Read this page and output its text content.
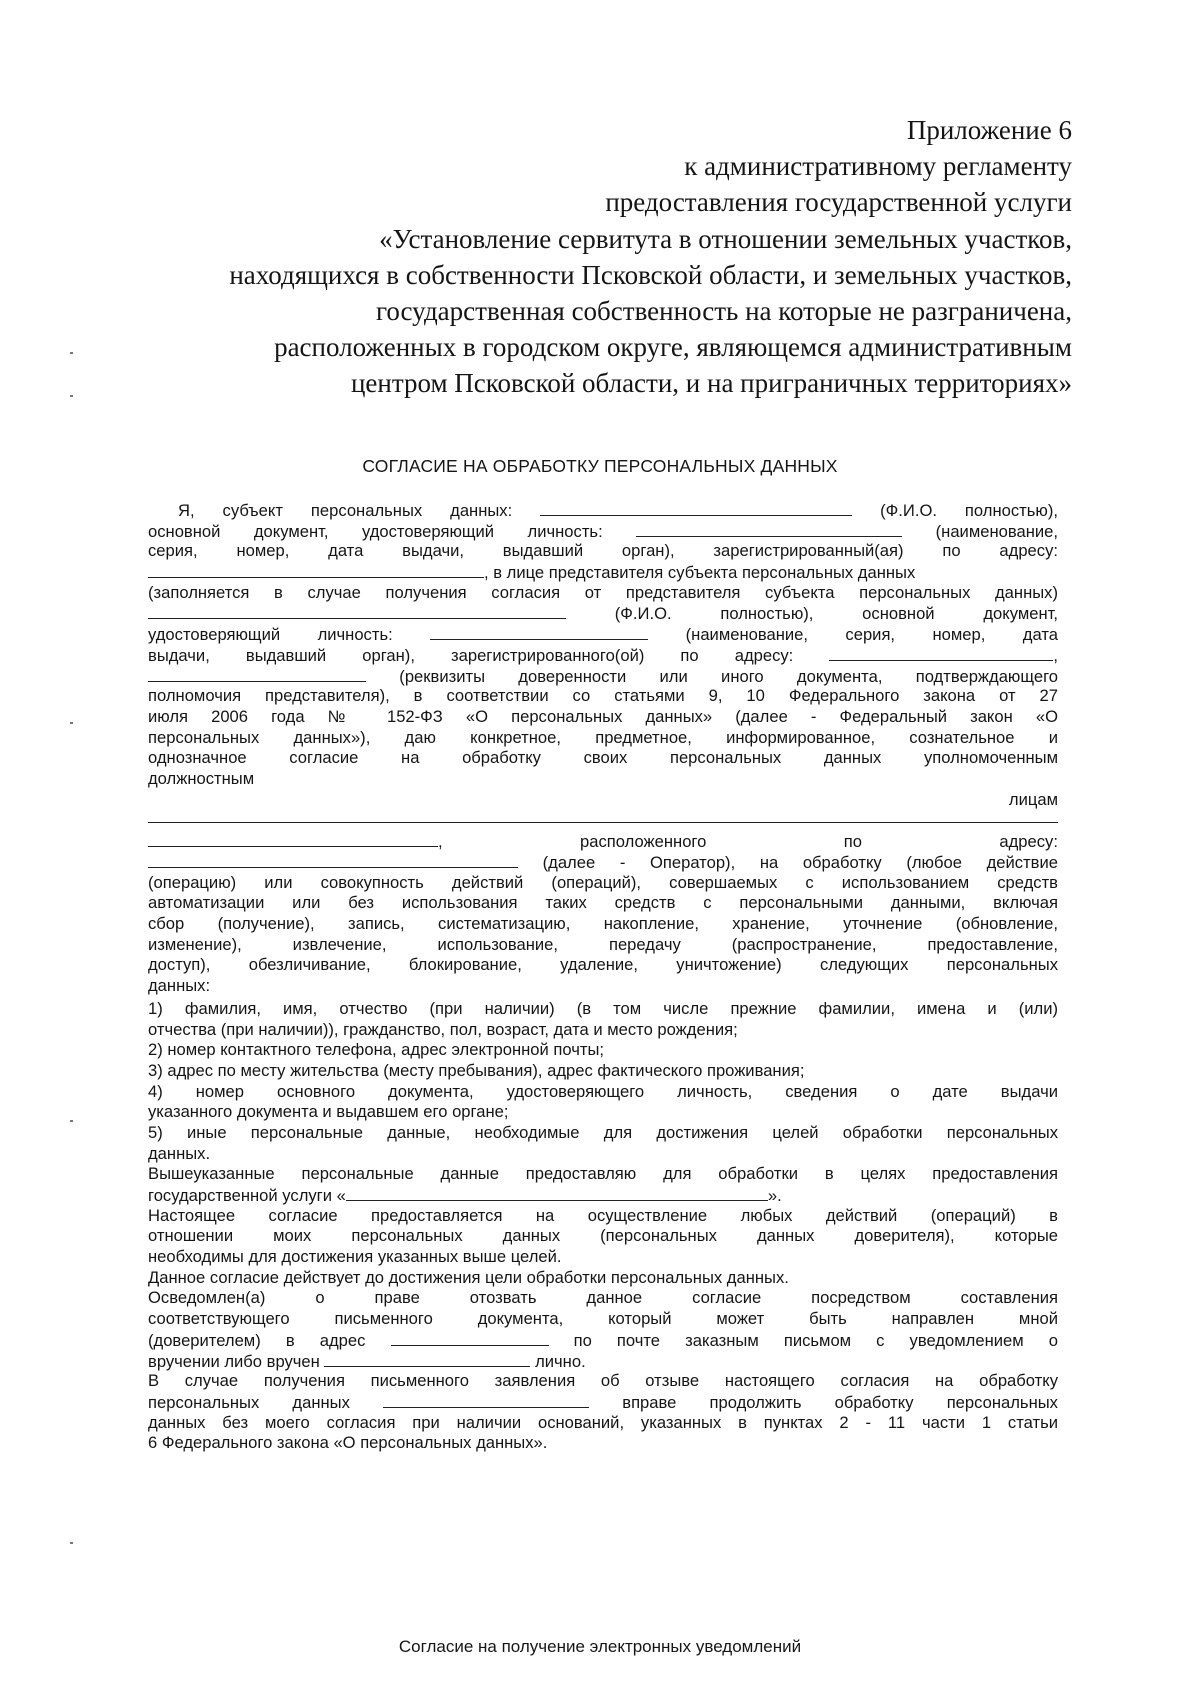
Приложение 6
к административному регламенту
предоставления государственной услуги
«Установление сервитута в отношении земельных участков,
находящихся в собственности Псковской области, и земельных участков,
государственная собственность на которые не разграничена,
расположенных в городском округе, являющемся административным
центром Псковской области, и на приграничных территориях»
СОГЛАСИЕ НА ОБРАБОТКУ ПЕРСОНАЛЬНЫХ ДАННЫХ
Я, субъект персональных данных:	(Ф.И.О. полностью),
основной документ, удостоверяющий личность:	(наименование,
серия, номер, дата выдачи, выдавший орган), зарегистрированный(ая) по адресу:
, в лице представителя субъекта персональных данных
(заполняется в случае получения согласия от представителя субъекта персональных данных)
(Ф.И.О. полностью), основной документ,
удостоверяющий личность:	(наименование, серия, номер, дата
выдачи, выдавший орган), зарегистрированного(ой) по адресу:	,
(реквизиты доверенности или иного документа, подтверждающего
полномочия представителя), в соответствии со статьями 9, 10 Федерального закона от 27
июля 2006 года № 152-ФЗ «О персональных данных» (далее - Федеральный закон «О
персональных данных»), даю конкретное, предметное, информированное, сознательное и
однозначное согласие на обработку своих персональных данных уполномоченным
должностным
лицам
,	расположенного	по	адресу:
(далее - Оператор), на обработку (любое действие
(операцию) или совокупность действий (операций), совершаемых с использованием средств
автоматизации или без использования таких средств с персональными данными, включая
сбор (получение), запись, систематизацию, накопление, хранение, уточнение (обновление,
изменение), извлечение, использование, передачу (распространение, предоставление,
доступ), обезличивание, блокирование, удаление, уничтожение) следующих персональных
данных:
1) фамилия, имя, отчество (при наличии) (в том числе прежние фамилии, имена и (или)
отчества (при наличии)), гражданство, пол, возраст, дата и место рождения;
2) номер контактного телефона, адрес электронной почты;
3) адрес по месту жительства (месту пребывания), адрес фактического проживания;
4) номер основного документа, удостоверяющего личность, сведения о дате выдачи
указанного документа и выдавшем его органе;
5) иные персональные данные, необходимые для достижения целей обработки персональных
данных.
Вышеуказанные персональные данные предоставляю для обработки в целях предоставления
государственной услуги «	».
Настоящее согласие предоставляется на осуществление любых действий (операций) в
отношении моих персональных данных (персональных данных доверителя), которые
необходимы для достижения указанных выше целей.
Данное согласие действует до достижения цели обработки персональных данных.
Осведомлен(а) о праве отозвать данное согласие посредством составления
соответствующего письменного документа, который может быть направлен мной
(доверителем) в адрес	по почте заказным письмом с уведомлением о
вручении либо вручен	лично.
В случае получения письменного заявления об отзыве настоящего согласия на обработку
персональных данных	вправе продолжить обработку персональных
данных без моего согласия при наличии оснований, указанных в пунктах 2 - 11 части 1 статьи
6 Федерального закона «О персональных данных».
Согласие на получение электронных уведомлений
